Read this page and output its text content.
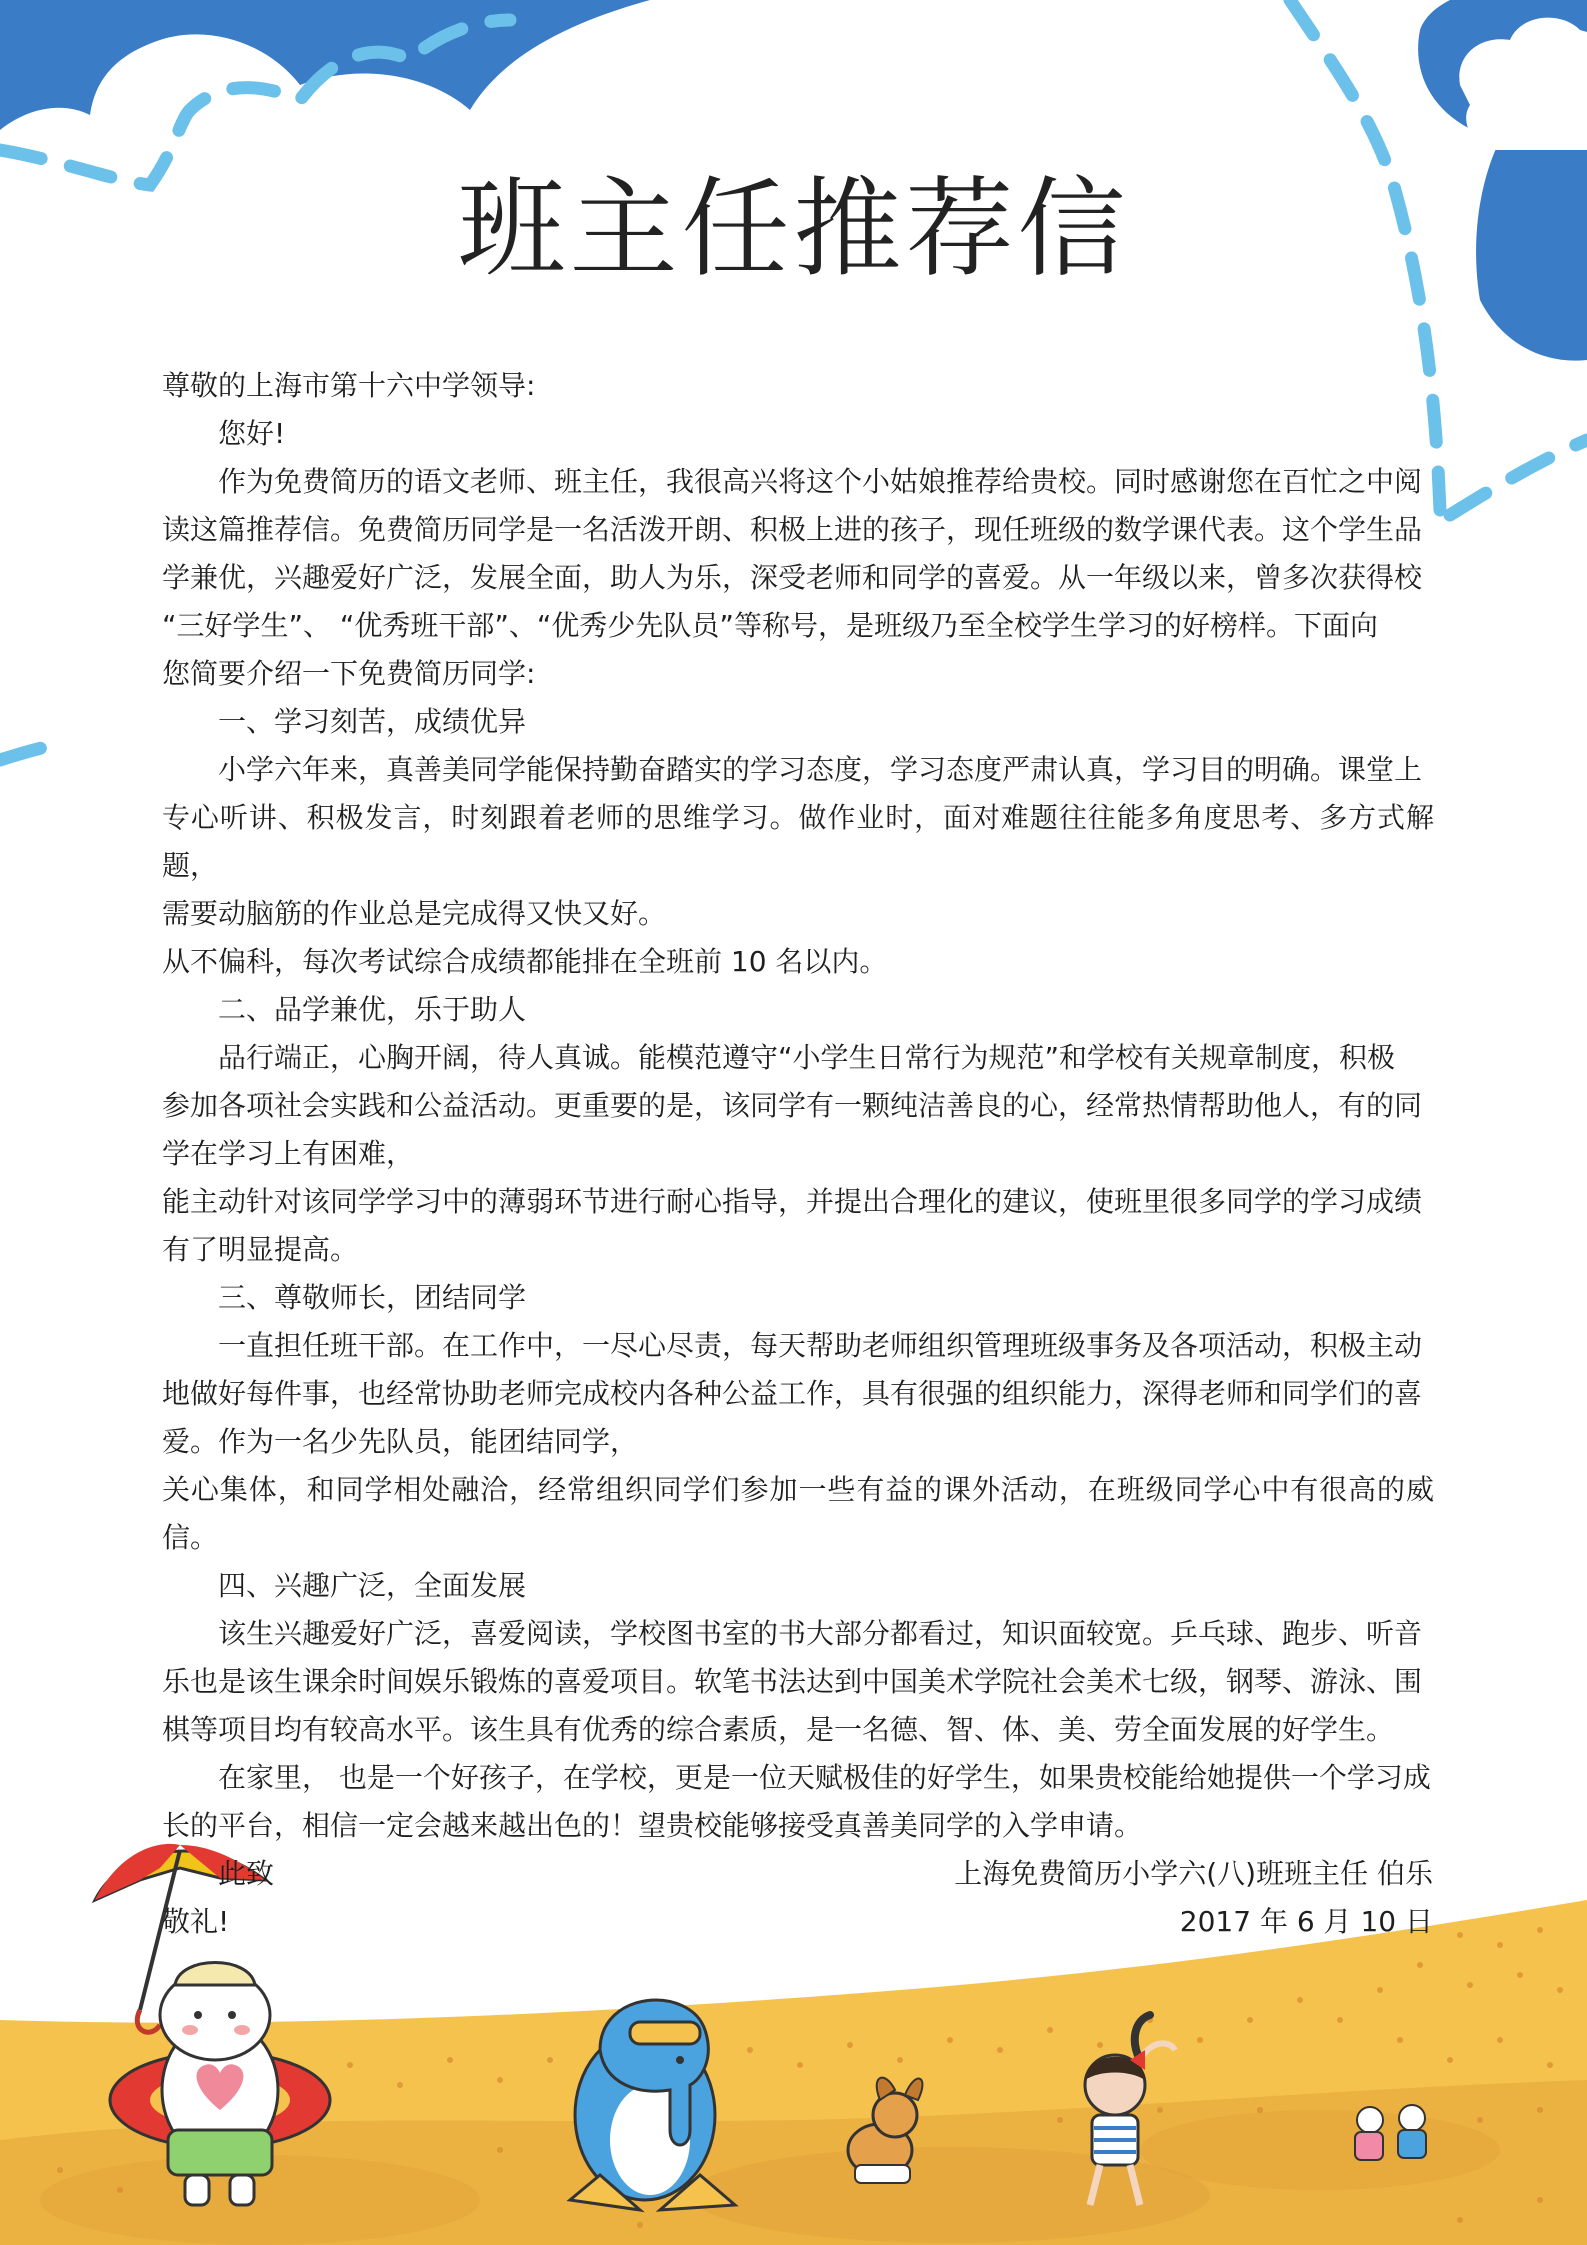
班主任推荐信

尊敬的上海市第十六中学领导:

您好!

作为免费简历的语文老师、班主任，我很高兴将这个小姑娘推荐给贵校。同时感谢您在百忙之中阅

读这篇推荐信。免费简历同学是一名活泼开朗、积极上进的孩子，现任班级的数学课代表。这个学生品

学兼优，兴趣爱好广泛，发展全面，助人为乐，深受老师和同学的喜爱。从一年级以来，曾多次获得校

“三好学生”、 “优秀班干部”、“优秀少先队员”等称号，是班级乃至全校学生学习的好榜样。下面向

您简要介绍一下免费简历同学:

一、学习刻苦，成绩优异

小学六年来，真善美同学能保持勤奋踏实的学习态度，学习态度严肃认真，学习目的明确。课堂上

专心听讲、积极发言，时刻跟着老师的思维学习。做作业时，面对难题往往能多角度思考、多方式解题，

需要动脑筋的作业总是完成得又快又好。

从不偏科，每次考试综合成绩都能排在全班前 10 名以内。

二、品学兼优，乐于助人

品行端正，心胸开阔，待人真诚。能模范遵守“小学生日常行为规范”和学校有关规章制度，积极

参加各项社会实践和公益活动。更重要的是，该同学有一颗纯洁善良的心，经常热情帮助他人，有的同

学在学习上有困难，

能主动针对该同学学习中的薄弱环节进行耐心指导，并提出合理化的建议，使班里很多同学的学习成绩

有了明显提高。

三、尊敬师长，团结同学

一直担任班干部。在工作中，一尽心尽责，每天帮助老师组织管理班级事务及各项活动，积极主动

地做好每件事，也经常协助老师完成校内各种公益工作，具有很强的组织能力，深得老师和同学们的喜

爱。作为一名少先队员，能团结同学，

关心集体，和同学相处融洽，经常组织同学们参加一些有益的课外活动，在班级同学心中有很高的威信。

四、兴趣广泛，全面发展

该生兴趣爱好广泛，喜爱阅读，学校图书室的书大部分都看过，知识面较宽。乒乓球、跑步、听音

乐也是该生课余时间娱乐锻炼的喜爱项目。软笔书法达到中国美术学院社会美术七级，钢琴、游泳、围

棋等项目均有较高水平。该生具有优秀的综合素质，是一名德、智、体、美、劳全面发展的好学生。

在家里， 也是一个好孩子，在学校，更是一位天赋极佳的好学生，如果贵校能给她提供一个学习成

长的平台，相信一定会越来越出色的！望贵校能够接受真善美同学的入学申请。

此致

敬礼!

上海免费简历小学六(八)班班主任 伯乐
2017 年 6 月 10 日
